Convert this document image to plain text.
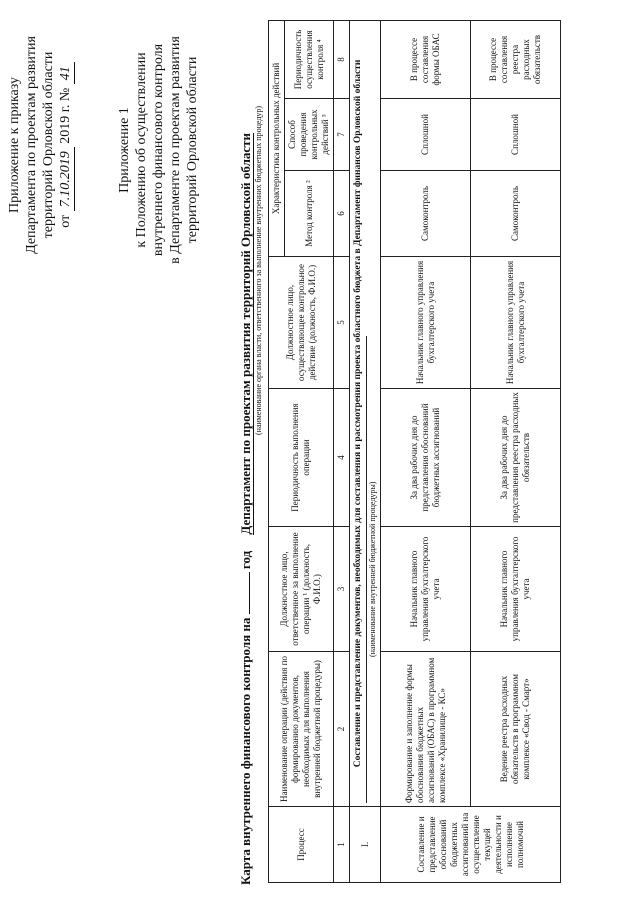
Приложение к приказу Департамента по проектам развития территорий Орловской области от 7.10.2019 2019 г. № 41
Приложение 1 к Положению об осуществлении внутреннего финансового контроля в Департаменте по проектам развития территорий Орловской области
Карта внутреннего финансового контроля на  год     Департамент по проектам развития территорий Орловской области (наименование органа власти, ответственного за выполнение внутренних бюджетных процедур)
Процесс	Наименование операции (действия по формированию документов, необходимых для выполнения внутренней бюджетной процедуры)	Должностное лицо, ответственное за выполнение операции ¹ (должность, Ф.И.О.)	Периодичность выполнения операции	Должностное лицо, осуществляющее контрольное действие (должность, Ф.И.О.)	Характеристика контрольных действий		
					Метод контроля ²	Способ проведения контрольных действий ³	Периодичность осуществления контроля ⁴
1	2	3	4	5	6	7	8
I.	Составление и представление документов, необходимых для составления и рассмотрения проекта областного бюджета в Департамент финансов Орловской области (наименование внутренней бюджетной процедуры)						

Составление и представление обоснований бюджетных ассигнований на осуществление текущей деятельности и исполнение полномочий	Формирование и заполнение формы обоснования бюджетных ассигнований (ОБАС) в программном комплексе «Хранилище - КС»	Начальник главного управления бухгалтерского учета	За два рабочих дня до представления обоснований бюджетных ассигнований	Начальник главного управления бухгалтерского учета	Самоконтроль	Сплошной	В процессе составления формы ОБАС
	Ведение реестра расходных обязательств в программном комплексе «Свод - Смарт»	Начальник главного управления бухгалтерского учета	За два рабочих дня до представления реестра расходных обязательств	Начальник главного управления бухгалтерского учета	Самоконтроль	Сплошной	В процессе составления реестра расходных обязательств
